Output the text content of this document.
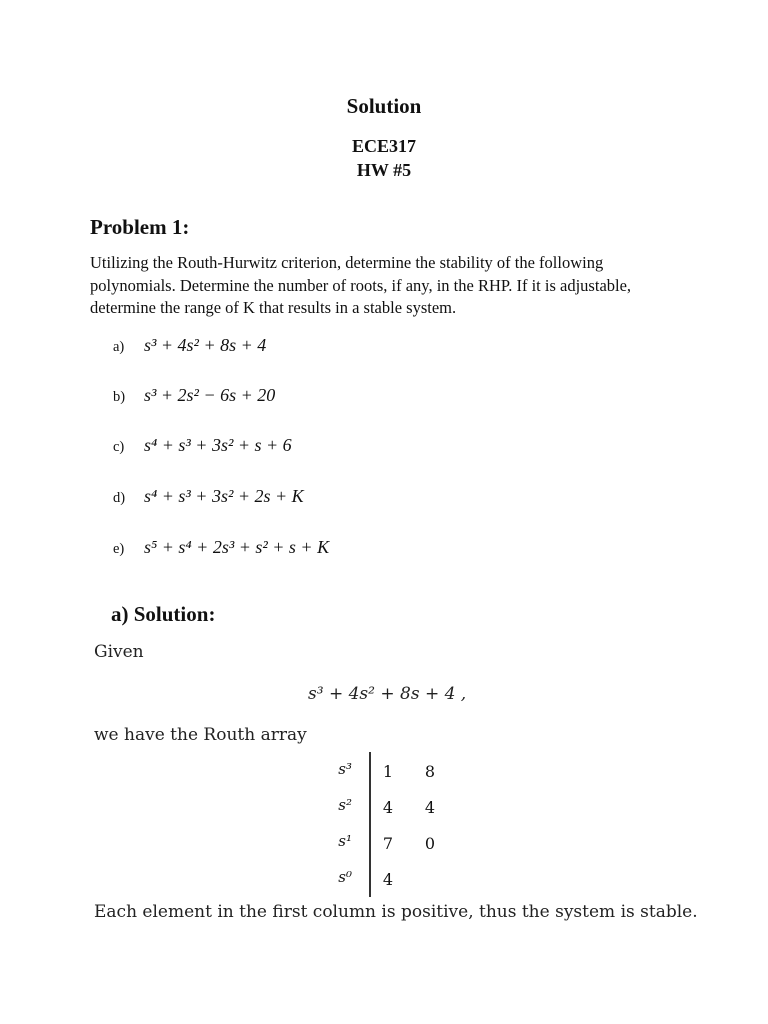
Solution
ECE317
HW #5
Problem 1:
Utilizing the Routh-Hurwitz criterion, determine the stability of the following
polynomials. Determine the number of roots, if any, in the RHP. If it is adjustable,
determine the range of K that results in a stable system.
a) s³ + 4s² + 8s + 4
b) s³ + 2s² − 6s + 20
c) s⁴ + s³ + 3s² + s + 6
d) s⁴ + s³ + 3s² + 2s + K
e) s⁵ + s⁴ + 2s³ + s² + s + K
a) Solution:
Given
s³ + 4s² + 8s + 4 ,
we have the Routh array
s³	1	8
s²	4	4
s¹	7	0
s⁰	4
Each element in the first column is positive, thus the system is stable.
